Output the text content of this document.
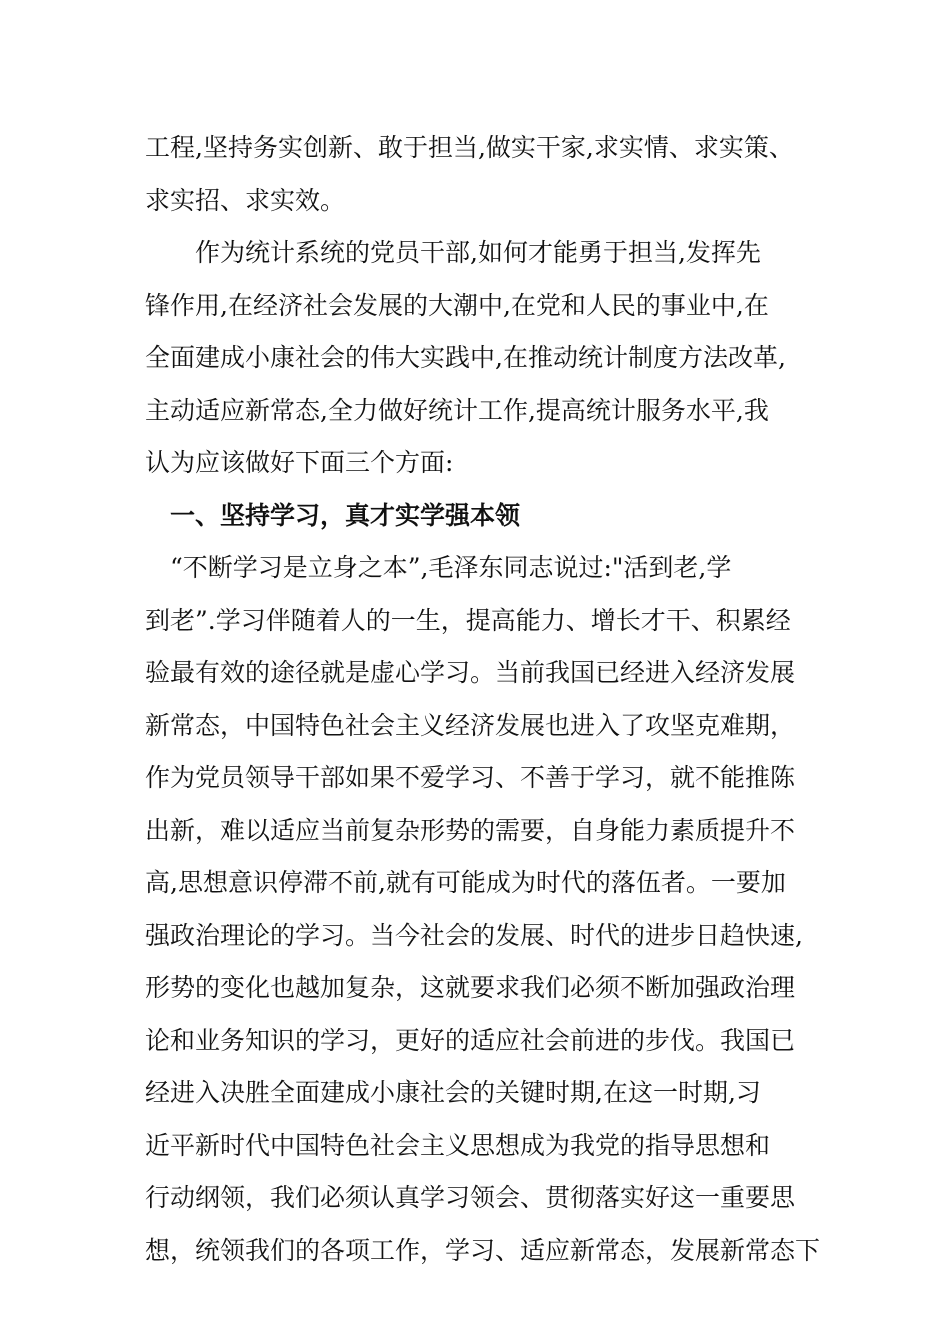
工程,坚持务实创新、敢于担当,做实干家,求实情、求实策、
求实招、求实效。
　　作为统计系统的党员干部,如何才能勇于担当,发挥先
锋作用,在经济社会发展的大潮中,在党和人民的事业中,在
全面建成小康社会的伟大实践中,在推动统计制度方法改革,
主动适应新常态,全力做好统计工作,提高统计服务水平,我
认为应该做好下面三个方面:
　一、坚持学习，真才实学强本领
　“不断学习是立身之本”,毛泽东同志说过:"活到老,学
到老”.学习伴随着人的一生，提高能力、增长才干、积累经
验最有效的途径就是虚心学习。当前我国已经进入经济发展
新常态，中国特色社会主义经济发展也进入了攻坚克难期，
作为党员领导干部如果不爱学习、不善于学习，就不能推陈
出新，难以适应当前复杂形势的需要，自身能力素质提升不
高,思想意识停滞不前,就有可能成为时代的落伍者。一要加
强政治理论的学习。当今社会的发展、时代的进步日趋快速,
形势的变化也越加复杂，这就要求我们必须不断加强政治理
论和业务知识的学习，更好的适应社会前进的步伐。我国已
经进入决胜全面建成小康社会的关键时期,在这一时期,习
近平新时代中国特色社会主义思想成为我党的指导思想和
行动纲领，我们必须认真学习领会、贯彻落实好这一重要思
想，统领我们的各项工作，学习、适应新常态，发展新常态下
